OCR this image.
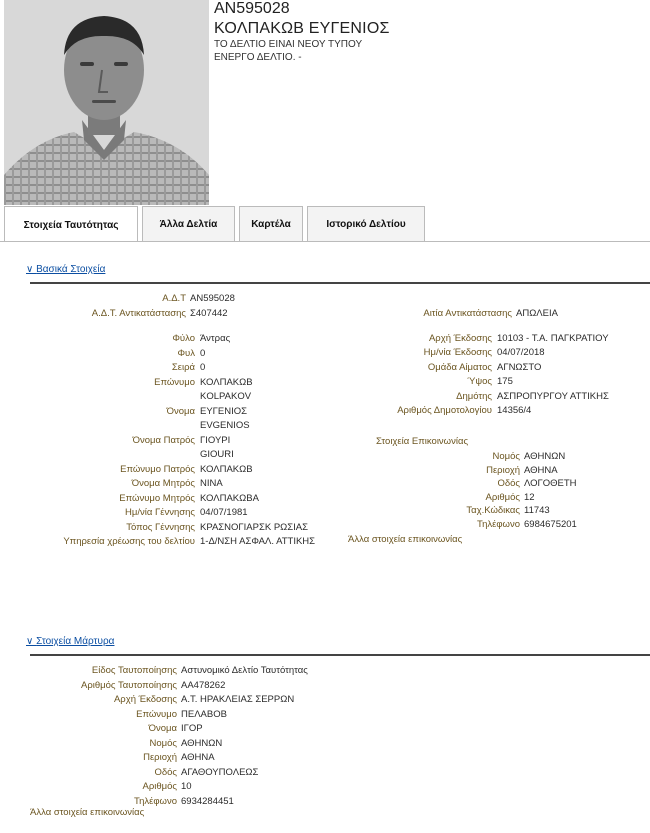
AN595028
ΚΟΛΠΑΚΩΒ ΕΥΓΕΝΙΟΣ
ΤΟ ΔΕΛΤΙΟ ΕΙΝΑΙ ΝΕΟΥ ΤΥΠΟΥ
ΕΝΕΡΓΟ ΔΕΛΤΙΟ. -
Στοιχεία Ταυτότητας	Άλλα Δελτία	Καρτέλα	Ιστορικό Δελτίου
∨ Βασικά Στοιχεία
Α.Δ.Τ AN595028
Α.Δ.Τ. Αντικατάστασης Σ407442	Αιτία Αντικατάστασης ΑΠΩΛΕΙΑ
Φύλο Άντρας
Φυλ 0
Σειρά 0
Επώνυμο ΚΟΛΠΑΚΩΒ
KOLPAKOV
Όνομα ΕΥΓΕΝΙΟΣ
EVGENIOS
Όνομα Πατρός ΓΙΟΥΡΙ
GIOURI
Επώνυμο Πατρός ΚΟΛΠΑΚΩΒ
Όνομα Μητρός ΝΙΝΑ
Επώνυμο Μητρός ΚΟΛΠΑΚΩΒΑ
Ημ/νία Γέννησης 04/07/1981
Τόπος Γέννησης ΚΡΑΣΝΟΓΙΑΡΣΚ ΡΩΣΙΑΣ
Υπηρεσία χρέωσης του δελτίου 1-Δ/ΝΣΗ ΑΣΦΑΛ. ΑΤΤΙΚΗΣ
Αρχή Έκδοσης 10103 - Τ.Α. ΠΑΓΚΡΑΤΙΟΥ
Ημ/νία Έκδοσης 04/07/2018
Ομάδα Αίματος ΑΓΝΩΣΤΟ
Ύψος 175
Δημότης ΑΣΠΡΟΠΥΡΓΟΥ ΑΤΤΙΚΗΣ
Αριθμός Δημοτολογίου 14356/4
Στοιχεία Επικοινωνίας
Νομός ΑΘΗΝΩΝ
Περιοχή ΑΘΗΝΑ
Οδός ΛΟΓΟΘΕΤΗ
Αριθμός 12
Ταχ.Κώδικας 11743
Τηλέφωνο 6984675201
Άλλα στοιχεία επικοινωνίας
∨ Στοιχεία Μάρτυρα
Είδος Ταυτοποίησης Αστυνομικό Δελτίο Ταυτότητας
Αριθμός Ταυτοποίησης AA478262
Αρχή Έκδοσης Α.Τ. ΗΡΑΚΛΕΙΑΣ ΣΕΡΡΩΝ
Επώνυμο ΠΕΛΑΒΟΒ
Όνομα ΙΓΟΡ
Νομός ΑΘΗΝΩΝ
Περιοχή ΑΘΗΝΑ
Οδός ΑΓΑΘΟΥΠΟΛΕΩΣ
Αριθμός 10
Τηλέφωνο 6934284451
Άλλα στοιχεία επικοινωνίας
